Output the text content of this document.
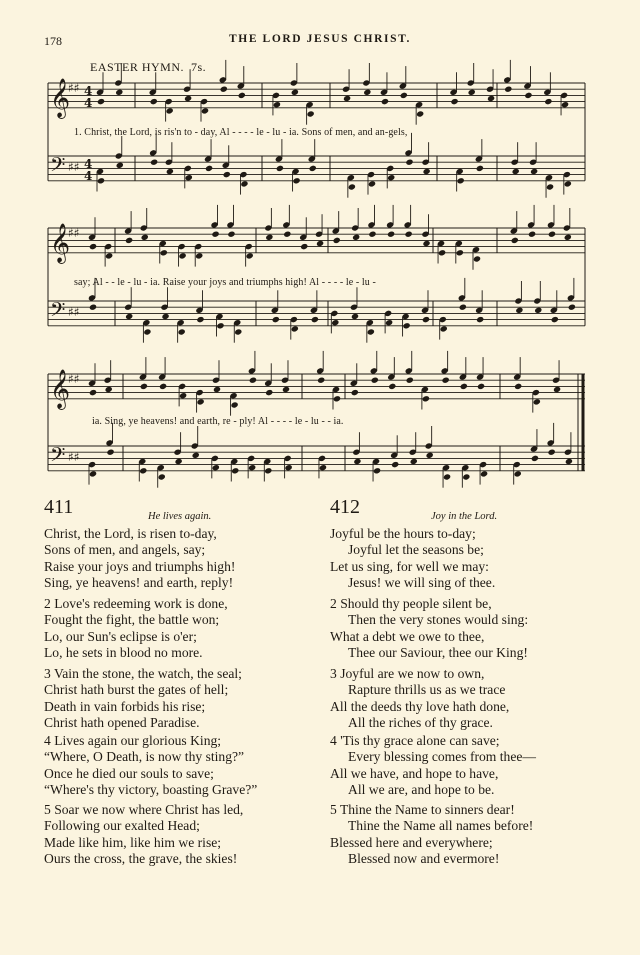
178	THE LORD JESUS CHRIST.
EASTER HYMN. 7s.
𝄞
♯♯ 4
4
𝄢 ♯♯ 4
4
𝄞
♯♯
𝄢 ♯♯
𝄞
♯♯
𝄢 ♯♯
1. Christ, the Lord, is ris'n to - day, Al - - - - le - lu - ia. Sons of men, and an-gels,
say; Al - - le - lu - ia. Raise your joys and triumphs high! Al - - - - le - lu -
ia. Sing, ye heavens! and earth, re - ply! Al - - - - le - lu - - ia.
411	He lives again.
Christ, the Lord, is risen to-day,
Sons of men, and angels, say;
Raise your joys and triumphs high!
Sing, ye heavens! and earth, reply!
2 Love's redeeming work is done,
Fought the fight, the battle won;
Lo, our Sun's eclipse is o'er;
Lo, he sets in blood no more.
3 Vain the stone, the watch, the seal;
Christ hath burst the gates of hell;
Death in vain forbids his rise;
Christ hath opened Paradise.
4 Lives again our glorious King;
“Where, O Death, is now thy sting?”
Once he died our souls to save;
“Where's thy victory, boasting Grave?”
5 Soar we now where Christ has led,
Following our exalted Head;
Made like him, like him we rise;
Ours the cross, the grave, the skies!
412	Joy in the Lord.
Joyful be the hours to-day;
Joyful let the seasons be;
Let us sing, for well we may:
Jesus! we will sing of thee.
2 Should thy people silent be,
Then the very stones would sing:
What a debt we owe to thee,
Thee our Saviour, thee our King!
3 Joyful are we now to own,
Rapture thrills us as we trace
All the deeds thy love hath done,
All the riches of thy grace.
4 'Tis thy grace alone can save;
Every blessing comes from thee—
All we have, and hope to have,
All we are, and hope to be.
5 Thine the Name to sinners dear!
Thine the Name all names before!
Blessed here and everywhere;
Blessed now and evermore!
